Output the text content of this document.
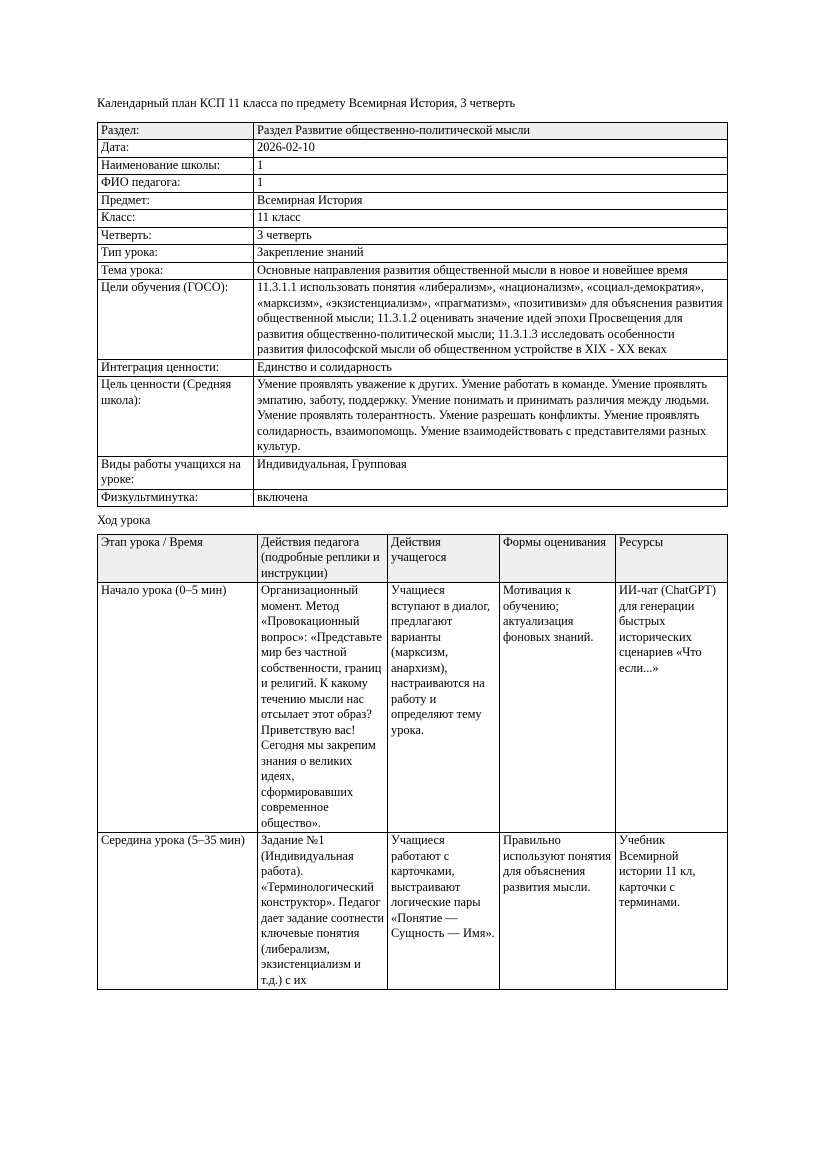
Календарный план КСП 11 класса по предмету Всемирная История, 3 четверть
Раздел:	Раздел Развитие общественно-политической мысли
Дата:	2026-02-10
Наименование школы:	1
ФИО педагога:	1
Предмет:	Всемирная История
Класс:	11 класс
Четверть:	3 четверть
Тип урока:	Закрепление знаний
Тема урока:	Основные направления развития общественной мысли в новое и новейшее время
Цели обучения (ГОСО):	11.3.1.1 использовать понятия «либерализм», «национализм», «социал-демократия», «марксизм», «экзистенциализм», «прагматизм», «позитивизм» для объяснения развития общественной мысли; 11.3.1.2 оценивать значение идей эпохи Просвещения для развития общественно-политической мысли; 11.3.1.3 исследовать особенности развития философской мысли об общественном устройстве в XIX - XX веках
Интеграция ценности:	Единство и солидарность
Цель ценности (Средняя школа):	Умение проявлять уважение к других. Умение работать в команде. Умение проявлять эмпатию, заботу, поддержку. Умение понимать и принимать различия между людьми. Умение проявлять толерантность. Умение разрешать конфликты. Умение проявлять солидарность, взаимопомощь. Умение взаимодействовать с представителями разных культур.
Виды работы учащихся на уроке:	Индивидуальная, Групповая
Физкультминутка:	включена
Ход урока
Этап урока / Время	Действия педагога (подробные реплики и инструкции)	Действия учащегося	Формы оценивания	Ресурсы
Начало урока (0–5 мин)	Организационный момент. Метод «Провокационный вопрос»: «Представьте мир без частной собственности, границ и религий. К какому течению мысли нас отсылает этот образ? Приветствую вас! Сегодня мы закрепим знания о великих идеях, сформировавших современное общество».	Учащиеся вступают в диалог, предлагают варианты (марксизм, анархизм), настраиваются на работу и определяют тему урока.	Мотивация к обучению; актуализация фоновых знаний.	ИИ-чат (ChatGPT) для генерации быстрых исторических сценариев «Что если...»
Середина урока (5–35 мин)	Задание №1 (Индивидуальная работа). «Терминологический конструктор». Педагог дает задание соотнести ключевые понятия (либерализм, экзистенциализм и т.д.) с их	Учащиеся работают с карточками, выстраивают логические пары «Понятие — Сущность — Имя».	Правильно используют понятия для объяснения развития мысли.	Учебник Всемирной истории 11 кл, карточки с терминами.
